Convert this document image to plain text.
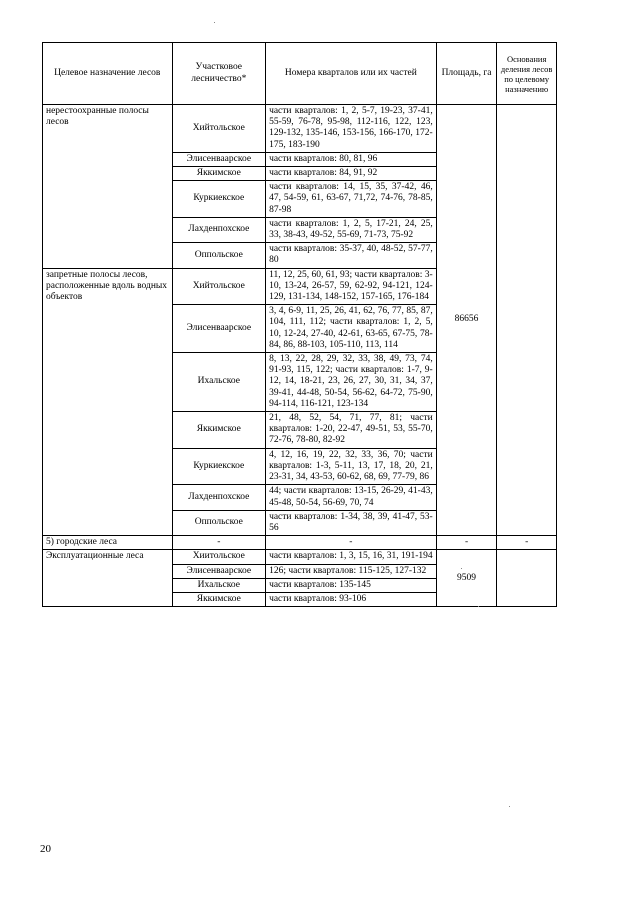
Целевое назначение лесов	Участковое лесничество*	Номера кварталов или их частей	Площадь, га	Основания деления лесов по целевому назначению
нерестоохранные полосы лесов	Хийтольское	части кварталов: 1, 2, 5-7, 19-23, 37-41, 55-59, 76-78, 95-98, 112-116, 122, 123, 129-132, 135-146, 153-156, 166-170, 172-175, 183-190	86656	
	Элисенваарское	части кварталов: 80, 81, 96		
	Яккимское	части кварталов: 84, 91, 92		
	Куркиекское	части кварталов: 14, 15, 35, 37-42, 46, 47, 54-59, 61, 63-67, 71,72, 74-76, 78-85, 87-98		
	Лахденпохское	части кварталов: 1, 2, 5, 17-21, 24, 25, 33, 38-43, 49-52, 55-69, 71-73, 75-92		
	Оппольское	части кварталов: 35-37, 40, 48-52, 57-77, 80		
запретные полосы лесов, расположенные вдоль водных объектов	Хийтольское	11, 12, 25, 60, 61, 93; части кварталов: 3-10, 13-24, 26-57, 59, 62-92, 94-121, 124-129, 131-134, 148-152, 157-165, 176-184		
	Элисенваарское	3, 4, 6-9, 11, 25, 26, 41, 62, 76, 77, 85, 87, 104, 111, 112; части кварталов: 1, 2, 5, 10, 12-24, 27-40, 42-61, 63-65, 67-75, 78-84, 86, 88-103, 105-110, 113, 114		
	Ихальское	8, 13, 22, 28, 29, 32, 33, 38, 49, 73, 74, 91-93, 115, 122; части кварталов: 1-7, 9-12, 14, 18-21, 23, 26, 27, 30, 31, 34, 37, 39-41, 44-48, 50-54, 56-62, 64-72, 75-90, 94-114, 116-121, 123-134		
	Яккимское	21, 48, 52, 54, 71, 77, 81; части кварталов: 1-20, 22-47, 49-51, 53, 55-70, 72-76, 78-80, 82-92		
	Куркиекское	4, 12, 16, 19, 22, 32, 33, 36, 70; части кварталов: 1-3, 5-11, 13, 17, 18, 20, 21, 23-31, 34, 43-53, 60-62, 68, 69, 77-79, 86		
	Лахденпохское	44; части кварталов: 13-15, 26-29, 41-43, 45-48, 50-54, 56-69, 70, 74		
	Оппольское	части кварталов: 1-34, 38, 39, 41-47, 53-56		
5) городские леса	-	-	-	-
Эксплуатационные леса	Хиитольское	части кварталов: 1, 3, 15, 16, 31, 191-194	9509	
	Элисенваарское	126; части кварталов: 115-125, 127-132		
	Ихальское	части кварталов: 135-145		
	Яккимское	части кварталов: 93-106		
20
